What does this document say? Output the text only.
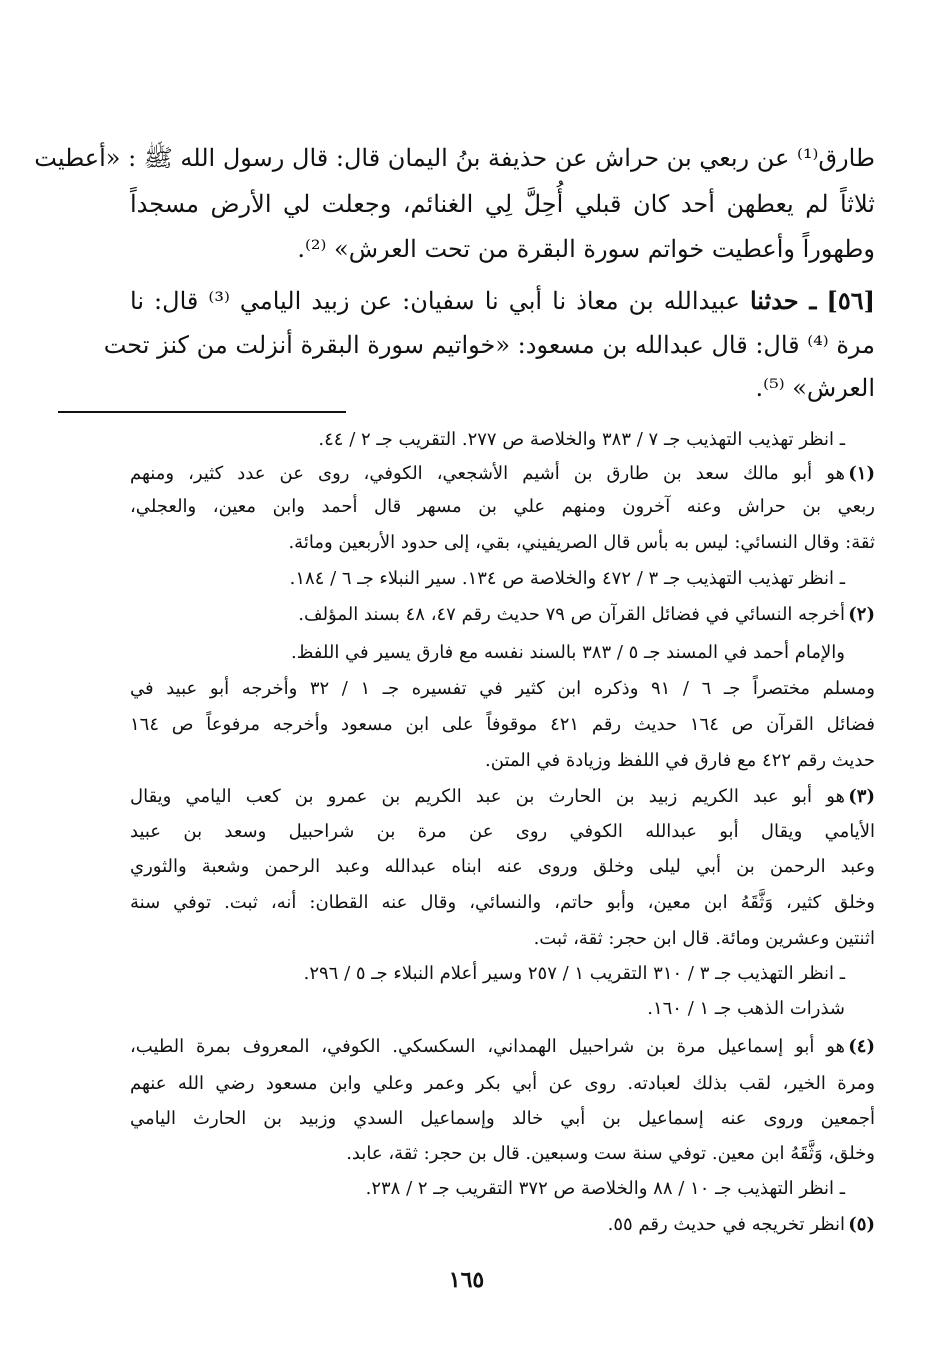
طارق⁽¹⁾ عن ربعي بن حراش عن حذيفة بنُ اليمان قال: قال رسول الله ﷺ : «أعطيت
ثلاثاً لم يعطهن أحد كان قبلي أُحِلَّ لِي الغنائم، وجعلت لي الأرض مسجداً
وطهوراً وأعطيت خواتم سورة البقرة من تحت العرش» ⁽²⁾.
[٥٦] ـ حدثنا عبيدالله بن معاذ نا أبي نا سفيان: عن زبيد اليامي ⁽³⁾ قال: نا
مرة ⁽⁴⁾ قال: قال عبدالله بن مسعود: «خواتيم سورة البقرة أنزلت من كنز تحت
العرش» ⁽⁵⁾.
ـ انظر تهذيب التهذيب جـ ٧ / ٣٨٣ والخلاصة ص ٢٧٧. التقريب جـ ٢ / ٤٤.
(١)
هو أبو مالك سعد بن طارق بن أشيم الأشجعي، الكوفي، روى عن عدد كثير، ومنهم
ربعي بن حراش وعنه آخرون ومنهم علي بن مسهر قال أحمد وابن معين، والعجلي،
ثقة: وقال النسائي: ليس به بأس قال الصريفيني، بقي، إلى حدود الأربعين ومائة.
ـ انظر تهذيب التهذيب جـ ٣ / ٤٧٢ والخلاصة ص ١٣٤. سير النبلاء جـ ٦ / ١٨٤.
(٢)
أخرجه النسائي في فضائل القرآن ص ٧٩ حديث رقم ٤٧، ٤٨ بسند المؤلف.
والإمام أحمد في المسند جـ ٥ / ٣٨٣ بالسند نفسه مع فارق يسير في اللفظ.
ومسلم مختصراً جـ ٦ / ٩١ وذكره ابن كثير في تفسيره جـ ١ / ٣٢ وأخرجه أبو عبيد في
فضائل القرآن ص ١٦٤ حديث رقم ٤٢١ موقوفاً على ابن مسعود وأخرجه مرفوعاً ص ١٦٤
حديث رقم ٤٢٢ مع فارق في اللفظ وزيادة في المتن.
(٣)
هو أبو عبد الكريم زبيد بن الحارث بن عبد الكريم بن عمرو بن كعب اليامي ويقال
الأيامي ويقال أبو عبدالله الكوفي روى عن مرة بن شراحبيل وسعد بن عبيد
وعبد الرحمن بن أبي ليلى وخلق وروى عنه ابناه عبدالله وعبد الرحمن وشعبة والثوري
وخلق كثير، وَثَّقَهُ ابن معين، وأبو حاتم، والنسائي، وقال عنه القطان: أنه، ثبت. توفي سنة
اثنتين وعشرين ومائة. قال ابن حجر: ثقة، ثبت.
ـ انظر التهذيب جـ ٣ / ٣١٠ التقريب ١ / ٢٥٧ وسير أعلام النبلاء جـ ٥ / ٢٩٦.
شذرات الذهب جـ ١ / ١٦٠.
(٤)
هو أبو إسماعيل مرة بن شراحبيل الهمداني، السكسكي. الكوفي، المعروف بمرة الطيب،
ومرة الخير، لقب بذلك لعبادته. روى عن أبي بكر وعمر وعلي وابن مسعود رضي الله عنهم
أجمعين وروى عنه إسماعيل بن أبي خالد وإسماعيل السدي وزبيد بن الحارث اليامي
وخلق، وَثَّقَهُ ابن معين. توفي سنة ست وسبعين. قال بن حجر: ثقة، عابد.
ـ انظر التهذيب جـ ١٠ / ٨٨ والخلاصة ص ٣٧٢ التقريب جـ ٢ / ٢٣٨.
(٥)
انظر تخريجه في حديث رقم ٥٥.
١٦٥
